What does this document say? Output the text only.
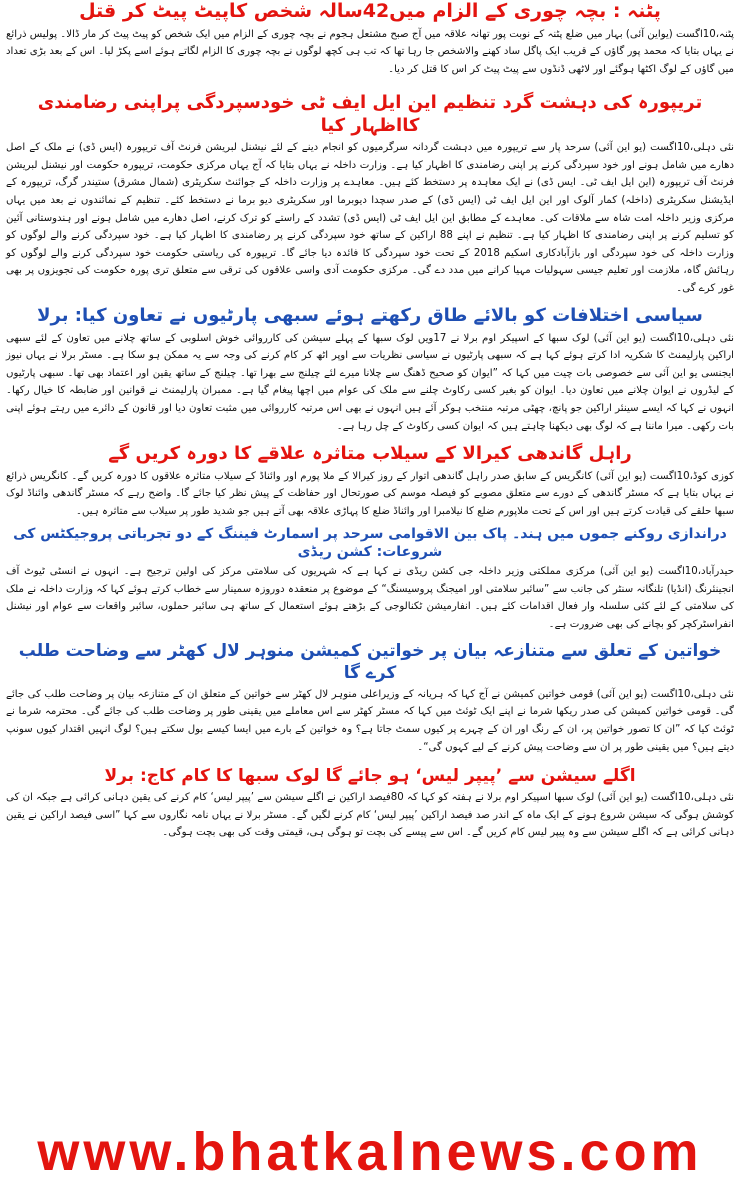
پٹنہ : بچہ چوری کے الزام میں42سالہ شخص کاپیٹ پیٹ کر قتل

پٹنہ،10اگست (یواین آئی) بہار میں ضلع پٹنہ کے نوبت پور تھانہ علاقہ میں آج صبح مشتعل ہجوم نے بچہ چوری کے الزام میں ایک شخص کو پیٹ پیٹ کر مار ڈالا۔ پولیس ذرائع نے یہاں بتایا کہ محمد پور گاؤں کے قریب ایک پاگل ساد کھنے والاشخص جا رہا تھا کہ تب ہی کچھ لوگوں نے بچہ چوری کا الزام لگاتے ہوئے اسے پکڑ لیا۔ اس کے بعد بڑی تعداد میں گاؤں کے لوگ اکٹھا ہوگئے اور لاٹھی ڈنڈوں سے پیٹ پیٹ کر اس کا قتل کر دیا۔

تریپورہ کی دہشت گرد تنظیم این ایل ایف ٹی خودسپردگی پراپنی رضامندی کااظہار کیا

نئی دہلی،10اگست (یو این آئی) سرحد پار سے تریپورہ میں دہشت گردانہ سرگرمیوں کو انجام دینے کے لئے نیشنل لبریشن فرنٹ آف تریپورہ (ایس ڈی) نے ملک کے اصل دھارے میں شامل ہونے اور خود سپردگی کرنے پر اپنی رضامندی کا اظہار کیا ہے۔ وزارت داخلہ نے یہاں بتایا کہ آج یہاں مرکزی حکومت، تریپورہ حکومت اور نیشنل لبریشن فرنٹ آف تریپورہ (این ایل ایف ٹی۔ ایس ڈی) نے ایک معاہدہ پر دستخط کئے ہیں۔ معاہدے پر وزارت داخلہ کے جوائنٹ سکریٹری (شمال مشرق) ستیندر گرگ، تریپورہ کے ایڈیشنل سکریٹری (داخلہ) کمار آلوک اور این ایل ایف ٹی (ایس ڈی) کے صدر سچدا دیوبرما اور سکریٹری دیو برما نے دستخط کئے۔ تنظیم کے نمائندوں نے بعد میں یہاں مرکزی وزیر داخلہ امت شاہ سے ملاقات کی۔ معاہدے کے مطابق این ایل ایف ٹی (ایس ڈی) تشدد کے راستے کو ترک کرنے، اصل دھارے میں شامل ہونے اور ہندوستانی آئین کو تسلیم کرنے پر اپنی رضامندی کا اظہار کیا ہے۔ تنظیم نے اپنے 88 اراکین کے ساتھ خود سپردگی کرنے پر رضامندی کا اظہار کیا ہے۔ خود سپردگی کرنے والے لوگوں کو وزارت داخلہ کی خود سپردگی اور بازآبادکاری اسکیم 2018 کے تحت خود سپردگی کا فائدہ دیا جائے گا۔ تریپورہ کی ریاستی حکومت خود سپردگی کرنے والے لوگوں کو رہائش گاہ، ملازمت اور تعلیم جیسی سہولیات مہیا کرانے میں مدد دے گی۔ مرکزی حکومت آدی واسی علاقوں کی ترقی سے متعلق تری پورہ حکومت کی تجویزوں پر بھی غور کرے گی۔

سیاسی اختلافات کو بالائے طاق رکھتے ہوئے سبھی پارٹیوں نے تعاون کیا: برلا

نئی دہلی،10اگست (یو این آئی) لوک سبھا کے اسپیکر اوم برلا نے 17ویں لوک سبھا کے پہلے سیشن کی کارروائی خوش اسلوبی کے ساتھ چلانے میں تعاون کے لئے سبھی اراکین پارلیمنٹ کا شکریہ ادا کرتے ہوئے کہا ہے کہ سبھی پارٹیوں نے سیاسی نظریات سے اوپر اٹھ کر کام کرنے کی وجہ سے یہ ممکن ہو سکا ہے۔ مسٹر برلا نے یہاں نیوز ایجنسی یو این آئی سے خصوصی بات چیت میں کہا کہ ”ایوان کو صحیح ڈھنگ سے چلانا میرے لئے چیلنج سے بھرا تھا۔ چیلنج کے ساتھ یقین اور اعتماد بھی تھا۔ سبھی پارٹیوں کے لیڈروں نے ایوان چلانے میں تعاون دیا۔ ایوان کو بغیر کسی رکاوٹ چلنے سے ملک کی عوام میں اچھا پیغام گیا ہے۔ ممبران پارلیمنٹ نے قوانین اور ضابطہ کا خیال رکھا۔ انہوں نے کہا کہ ایسے سینئر اراکین جو پانچ، چھٹی مرتبہ منتخب ہوکر آئے ہیں انہوں نے بھی اس مرتبہ کارروائی میں مثبت تعاون دیا اور قانون کے دائرے میں رہتے ہوئے اپنی بات رکھی۔ میرا ماننا ہے کہ لوگ بھی دیکھنا چاہتے ہیں کہ ایوان کسی رکاوٹ کے چل رہا ہے۔

راہل گاندھی کیرالا کے سیلاب متاثرہ علاقے کا دورہ کریں گے

کوزی کوڈ،10اگست (یو این آئی) کانگریس کے سابق صدر راہل گاندھی اتوار کے روز کیرالا کے ملا پورم اور وائناڈ کے سیلاب متاثرہ علاقوں کا دورہ کریں گے۔ کانگریس ذرائع نے یہاں بتایا ہے کہ مسٹر گاندھی کے دورے سے متعلق مصوبے کو فیصلہ موسم کی صورتحال اور حفاظت کے پیش نظر کیا جائے گا۔ واضح رہے کہ مسٹر گاندھی وائناڈ لوک سبھا حلقے کی قیادت کرتے ہیں اور اس کے تحت ملاپورم ضلع کا نیلامبرا اور وائناڈ ضلع کا پہاڑی علاقہ بھی آتے ہیں جو شدید طور پر سیلاب سے متاثرہ ہیں۔

دراندازی روکنے جموں میں ہند۔ پاک بین الاقوامی سرحد پر اسمارٹ فیننگ کے دو تجرباتی پروجیکٹس کی شروعات: کشن ریڈی

حیدرآباد،10اگست (یو این آئی) مرکزی مملکتی وزیر داخلہ جی کشن ریڈی نے کہا ہے کہ شہریوں کی سلامتی مرکز کی اولین ترجیح ہے۔ انہوں نے انسٹی ٹیوٹ آف انجینئرنگ (انڈیا) تلنگانہ سنٹر کی جانب سے ”سائبر سلامتی اور امیجنگ پروسیسنگ“ کے موضوع پر منعقدہ دوروزہ سمینار سے خطاب کرتے ہوئے کہا کہ وزارت داخلہ نے ملک کی سلامتی کے لئے کئی سلسلہ وار فعال اقدامات کئے ہیں۔ انفارمیشن ٹکنالوجی کے بڑھتے ہوئے استعمال کے ساتھ ہی سائبر حملوں، سائبر واقعات سے عوام اور نیشنل انفراسٹرکچر کو بچانے کی بھی ضرورت ہے۔

خواتین کے تعلق سے متنازعہ بیان پر خواتین کمیشن منوہر لال کھٹر سے وضاحت طلب کرے گا

نئی دہلی،10اگست (یو این آئی) قومی خواتین کمیشن نے آج کہا کہ ہریانہ کے وزیراعلی منوہر لال کھٹر سے خواتین کے متعلق ان کے متنازعہ بیان پر وضاحت طلب کی جائے گی۔ قومی خواتین کمیشن کی صدر ریکھا شرما نے اپنے ایک ٹوئٹ میں کہا کہ مسٹر کھٹر سے اس معاملے میں یقینی طور پر وضاحت طلب کی جائے گی۔ محترمہ شرما نے ٹوئٹ کیا کہ ”ان کا تصور خواتین پر، ان کے رنگ اور ان کے چہرے پر کیوں سمٹ جاتا ہے؟ وہ خواتین کے بارے میں ایسا کیسے بول سکتے ہیں؟ لوگ انہیں اقتدار کیوں سونپ دیتے ہیں؟ میں یقینی طور پر ان سے وضاحت پیش کرنے کے لیے کہوں گی“۔

اگلے سیشن سے ’پیپر لیس‘ ہو جائے گا لوک سبھا کا کام کاج: برلا

نئی دہلی،10اگست (یو این آئی) لوک سبھا اسپیکر اوم برلا نے ہفتہ کو کہا کہ 80فیصد اراکین نے اگلے سیشن سے ’پیپر لیس‘ کام کرنے کی یقین دہانی کرائی ہے جبکہ ان کی کوشش ہوگی کہ سیشن شروع ہونے کے ایک ماہ کے اندر صد فیصد اراکین ’پیپر لیس‘ کام کرنے لگیں گے۔ مسٹر برلا نے یہاں نامہ نگاروں سے کہا ”اسی فیصد اراکین نے یقین دہانی کرائی ہے کہ اگلے سیشن سے وہ پیپر لیس کام کریں گے۔ اس سے پیسے کی بچت تو ہوگی ہی، قیمتی وقت کی بھی بچت ہوگی۔

www.bhatkalnews.com
